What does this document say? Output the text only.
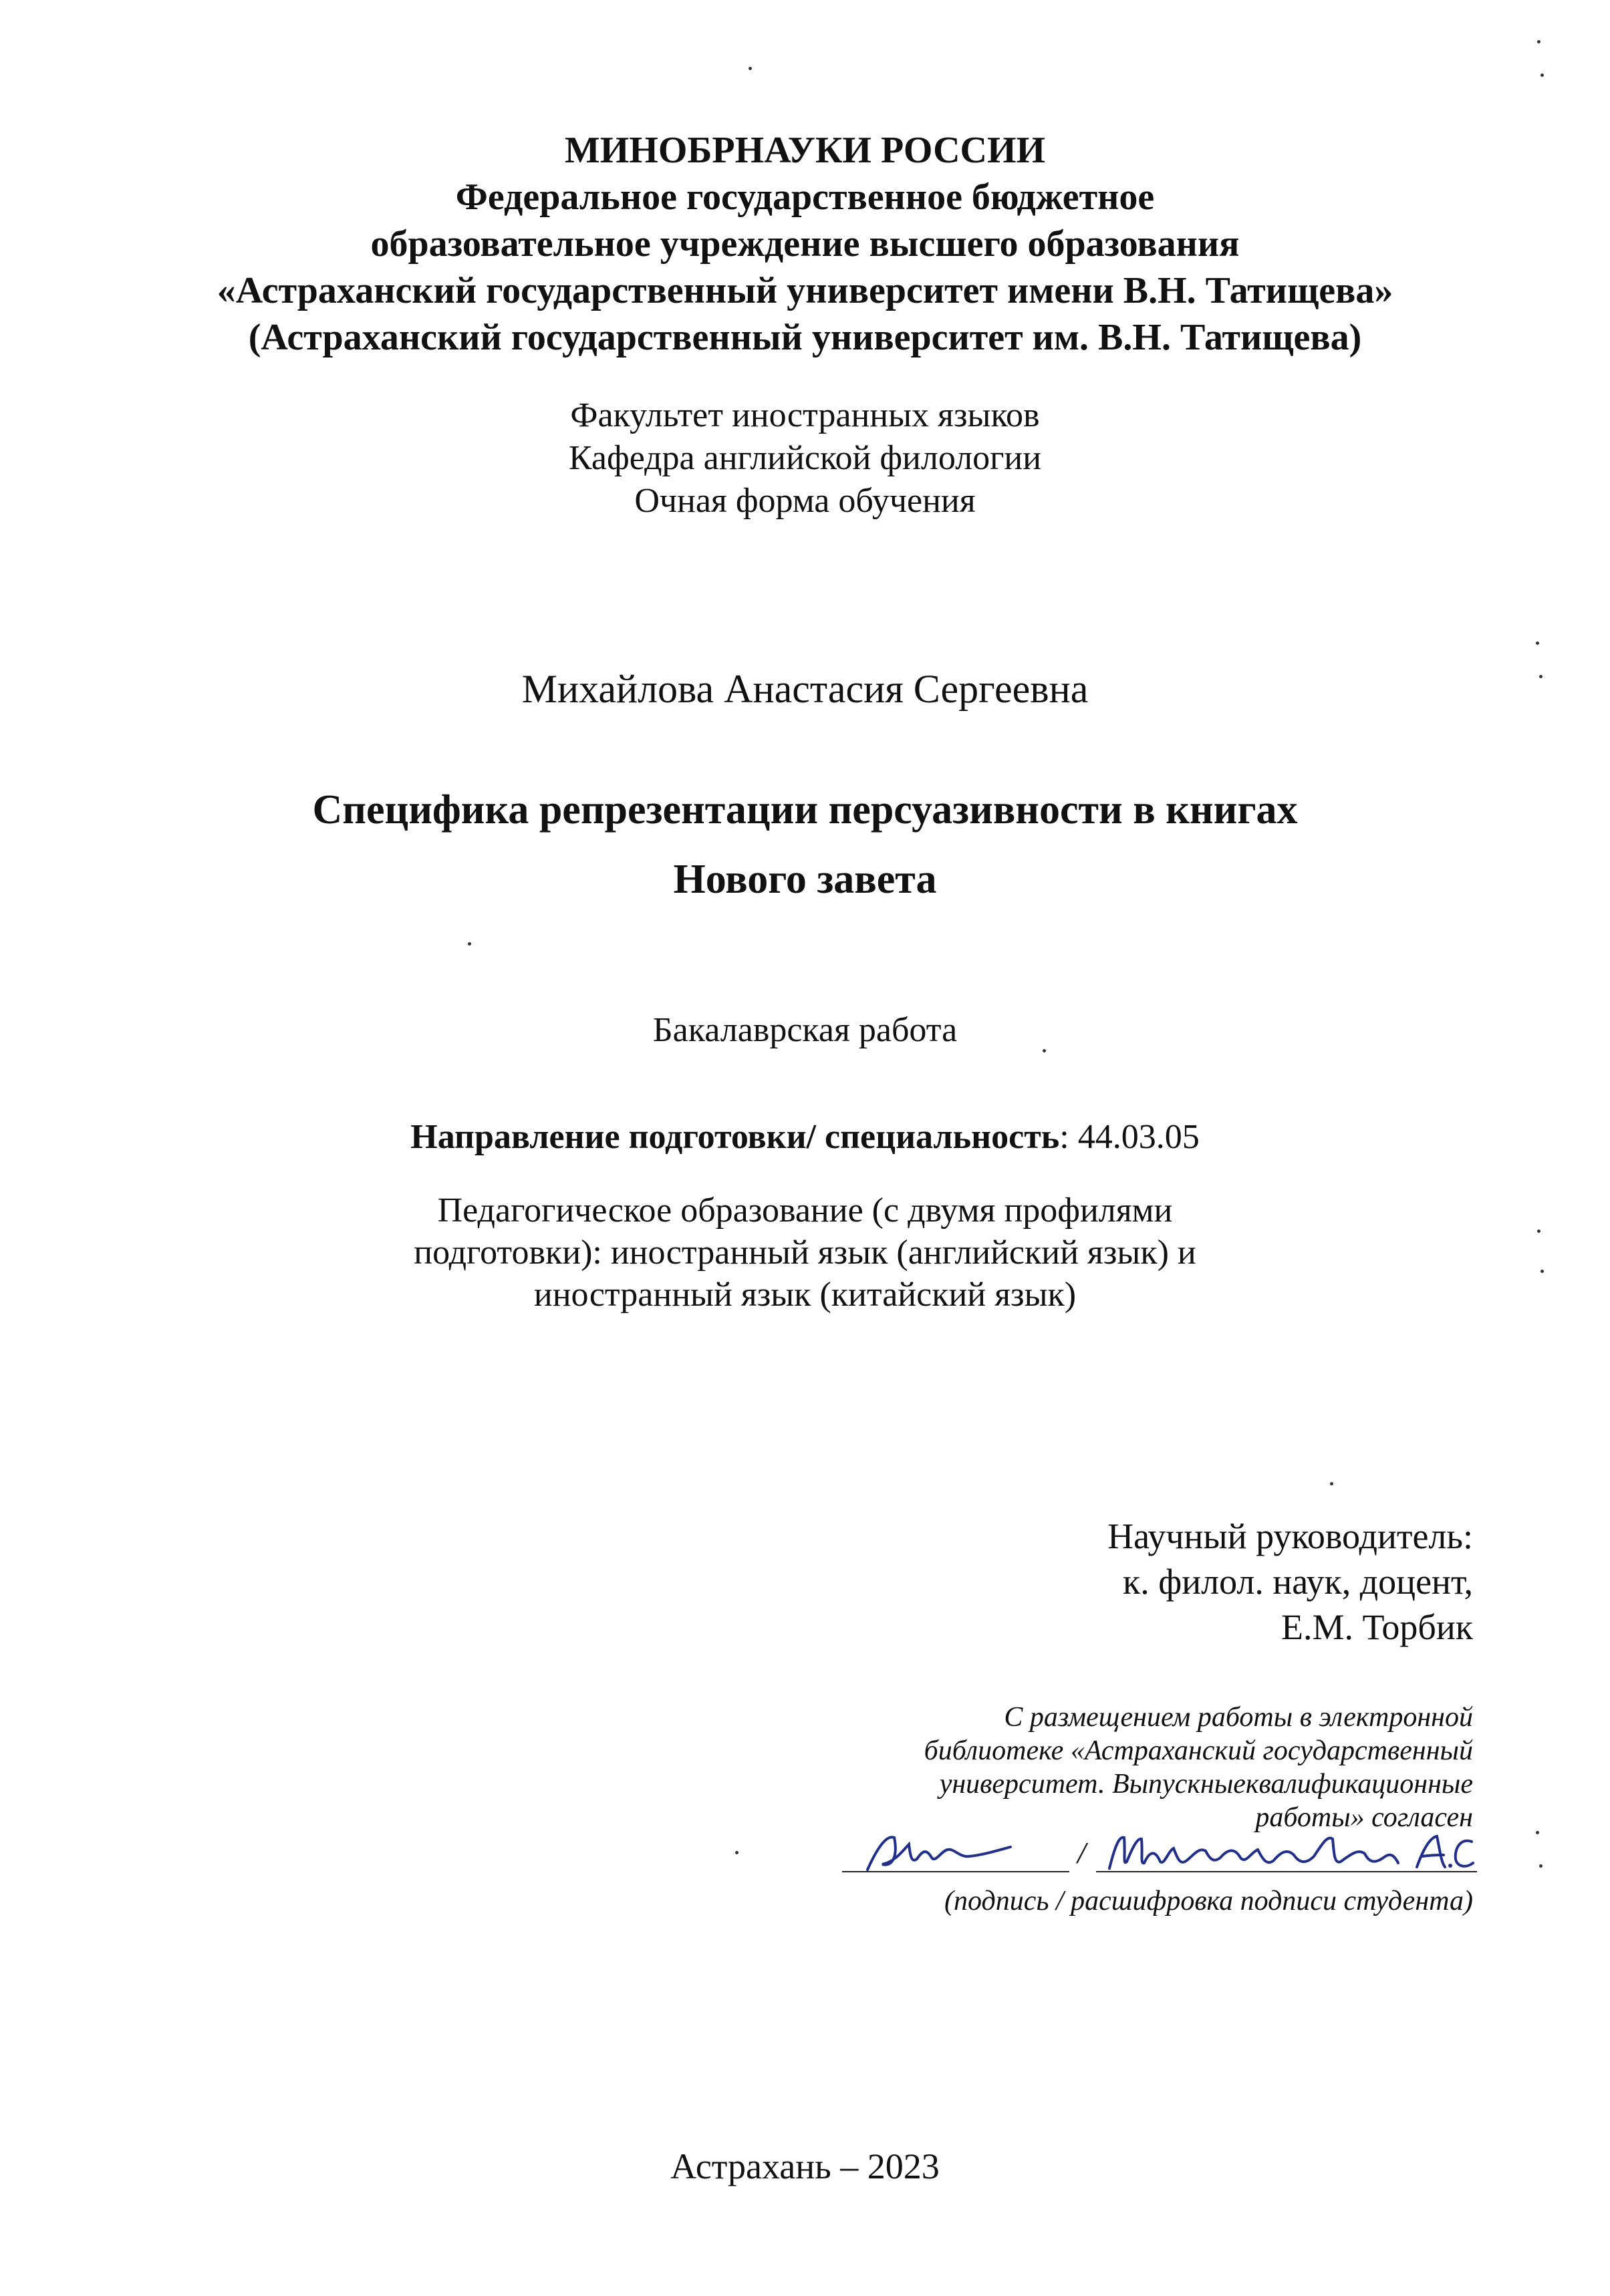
МИНОБРНАУКИ РОССИИ
Федеральное государственное бюджетное
образовательное учреждение высшего образования
«Астраханский государственный университет имени В.Н. Татищева»
(Астраханский государственный университет им. В.Н. Татищева)
Факультет иностранных языков
Кафедра английской филологии
Очная форма обучения
Михайлова Анастасия Сергеевна
Специфика репрезентации персуазивности в книгах
Нового завета
Бакалаврская работа
Направление подготовки/ специальность: 44.03.05
Педагогическое образование (с двумя профилями
подготовки): иностранный язык (английский язык) и
иностранный язык (китайский язык)
Научный руководитель:
к. филол. наук, доцент,
Е.М. Торбик
С размещением работы в электронной
библиотеке «Астраханский государственный
университет. Выпускныеквалификационные
работы» согласен
/
(подпись / расшифровка подписи студента)
Астрахань – 2023
